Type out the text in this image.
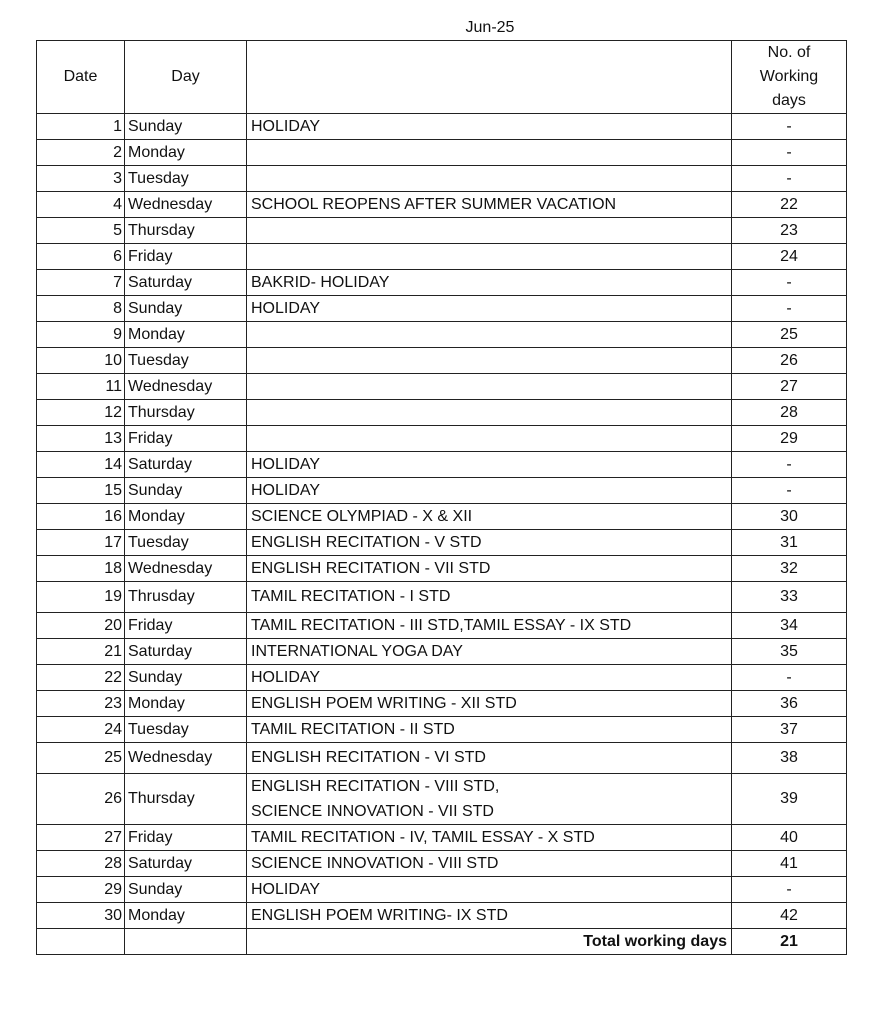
Jun-25
Date	Day		No. of
Working
days

1	Sunday	HOLIDAY	-
2	Monday		-
3	Tuesday		-
4	Wednesday	SCHOOL REOPENS AFTER SUMMER VACATION	22
5	Thursday		23
6	Friday		24
7	Saturday	BAKRID- HOLIDAY	-
8	Sunday	HOLIDAY	-
9	Monday		25
10	Tuesday		26
11	Wednesday		27
12	Thursday		28
13	Friday		29
14	Saturday	HOLIDAY	-
15	Sunday	HOLIDAY	-
16	Monday	SCIENCE OLYMPIAD - X & XII	30
17	Tuesday	ENGLISH RECITATION - V STD	31
18	Wednesday	ENGLISH RECITATION - VII STD	32
19	Thrusday	TAMIL RECITATION - I STD	33
20	Friday	TAMIL RECITATION - III STD,TAMIL ESSAY - IX STD	34
21	Saturday	INTERNATIONAL YOGA DAY	35
22	Sunday	HOLIDAY	-
23	Monday	ENGLISH POEM WRITING - XII STD	36
24	Tuesday	TAMIL RECITATION - II STD	37
25	Wednesday	ENGLISH RECITATION - VI STD	38
26	Thursday	ENGLISH RECITATION - VIII STD,
SCIENCE INNOVATION - VII STD	39
27	Friday	TAMIL RECITATION - IV, TAMIL ESSAY - X STD	40
28	Saturday	SCIENCE INNOVATION - VIII STD	41
29	Sunday	HOLIDAY	-
30	Monday	ENGLISH POEM WRITING- IX STD	42
		Total working days	21
